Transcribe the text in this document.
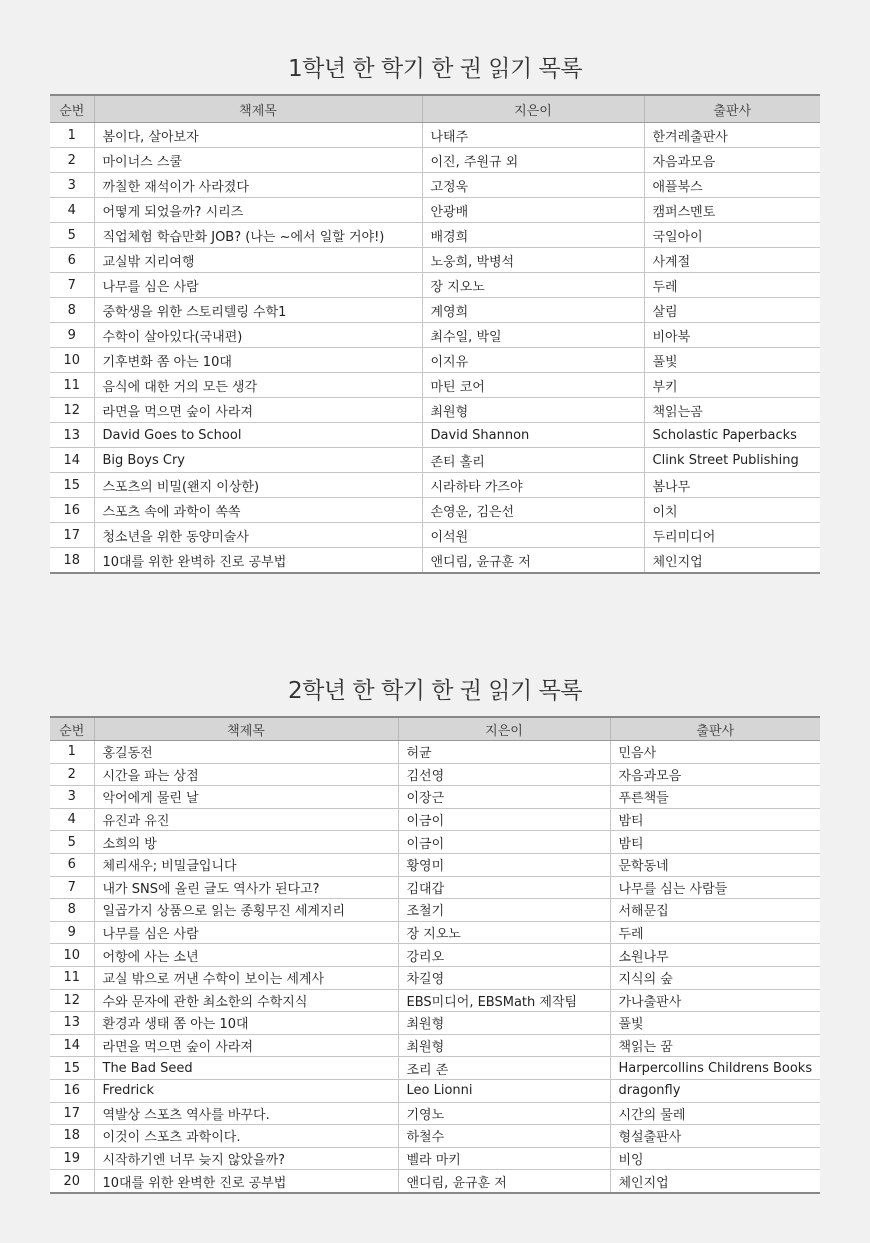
1학년 한 학기 한 권 읽기 목록
순번	책제목	지은이	출판사
1	봄이다, 살아보자	나태주	한겨레출판사
2	마이너스 스쿨	이진, 주원규 외	자음과모음
3	까칠한 재석이가 사라졌다	고정욱	애플북스
4	어떻게 되었을까? 시리즈	안광배	캠퍼스멘토
5	직업체험 학습만화 JOB? (나는 ~에서 일할 거야!)	배경희	국일아이
6	교실밖 지리여행	노웅희, 박병석	사계절
7	나무를 심은 사람	장 지오노	두레
8	중학생을 위한 스토리텔링 수학1	계영희	살림
9	수학이 살아있다(국내편)	최수일, 박일	비아북
10	기후변화 쫌 아는 10대	이지유	풀빛
11	음식에 대한 거의 모든 생각	마틴 코어	부키
12	라면을 먹으면 숲이 사라져	최원형	책읽는곰
13	David Goes to School	David Shannon	Scholastic Paperbacks
14	Big Boys Cry	존티 홀리	Clink Street Publishing
15	스포츠의 비밀(왠지 이상한)	시라하타 가즈야	봄나무
16	스포츠 속에 과학이 쏙쏙	손영운, 김은선	이치
17	청소년을 위한 동양미술사	이석원	두리미디어
18	10대를 위한 완벽하 진로 공부법	앤디림, 윤규훈 저	체인지업
2학년 한 학기 한 권 읽기 목록
순번	책제목	지은이	출판사
1	홍길동전	허균	민음사
2	시간을 파는 상점	김선영	자음과모음
3	악어에게 물린 날	이장근	푸른책들
4	유진과 유진	이금이	밤티
5	소희의 방	이금이	밤티
6	체리새우; 비밀글입니다	황영미	문학동네
7	내가 SNS에 올린 글도 역사가 된다고?	김대갑	나무를 심는 사람들
8	일곱가지 상품으로 읽는 종횡무진 세계지리	조철기	서해문집
9	나무를 심은 사람	장 지오노	두레
10	어항에 사는 소년	강리오	소원나무
11	교실 밖으로 꺼낸 수학이 보이는 세계사	차길영	지식의 숲
12	수와 문자에 관한 최소한의 수학지식	EBS미디어, EBSMath 제작팀	가나출판사
13	환경과 생태 쫌 아는 10대	최원형	풀빛
14	라면을 먹으면 숲이 사라져	최원형	책읽는 꿈
15	The Bad Seed	조리 존	Harpercollins Childrens Books
16	Fredrick	Leo Lionni	dragonfly
17	역발상 스포츠 역사를 바꾸다.	기영노	시간의 물레
18	이것이 스포츠 과학이다.	하철수	형설출판사
19	시작하기엔 너무 늦지 않았을까?	벨라 마키	비잉
20	10대를 위한 완벽한 진로 공부법	앤디림, 윤규훈 저	체인지업
